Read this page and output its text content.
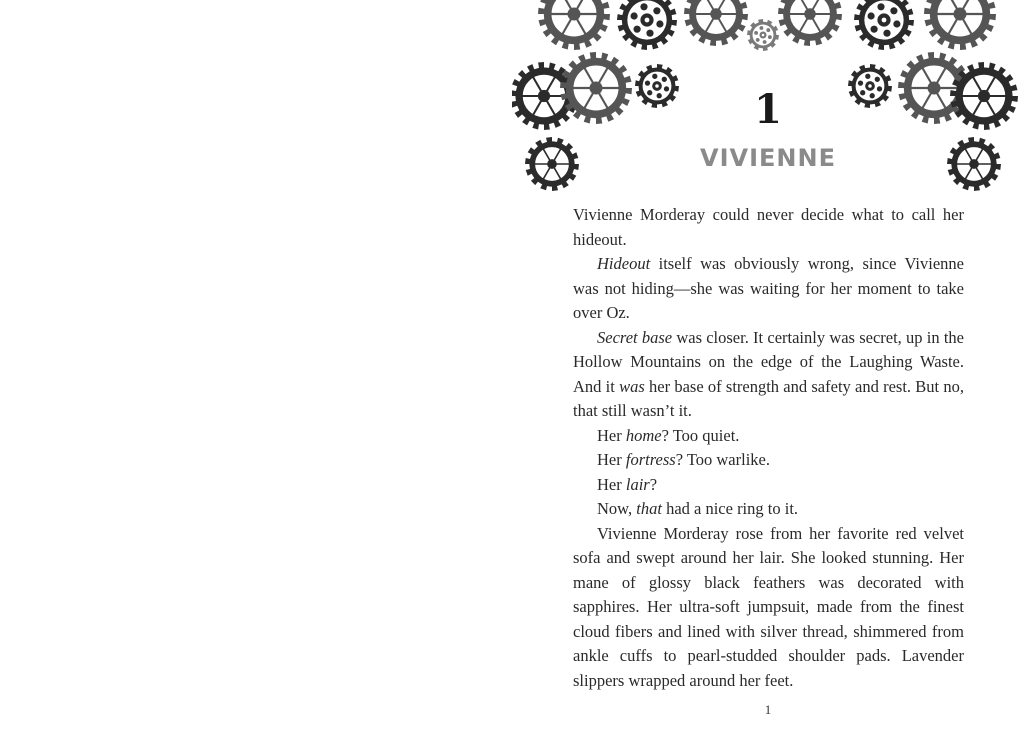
1
VIVIENNE

Vivienne Morderay could never decide what to call her hideout.

Hideout itself was obviously wrong, since Vivienne was not hiding—she was waiting for her moment to take over Oz.

Secret base was closer. It certainly was secret, up in the Hollow Mountains on the edge of the Laughing Waste. And it was her base of strength and safety and rest. But no, that still wasn’t it.

Her home? Too quiet.

Her fortress? Too warlike.

Her lair?

Now, that had a nice ring to it.

Vivienne Morderay rose from her favorite red velvet sofa and swept around her lair. She looked stunning. Her mane of glossy black feathers was decorated with sapphires. Her ultra-soft jumpsuit, made from the finest cloud fibers and lined with silver thread, shimmered from ankle cuffs to pearl-studded shoulder pads. Lavender slippers wrapped around her feet.

1
